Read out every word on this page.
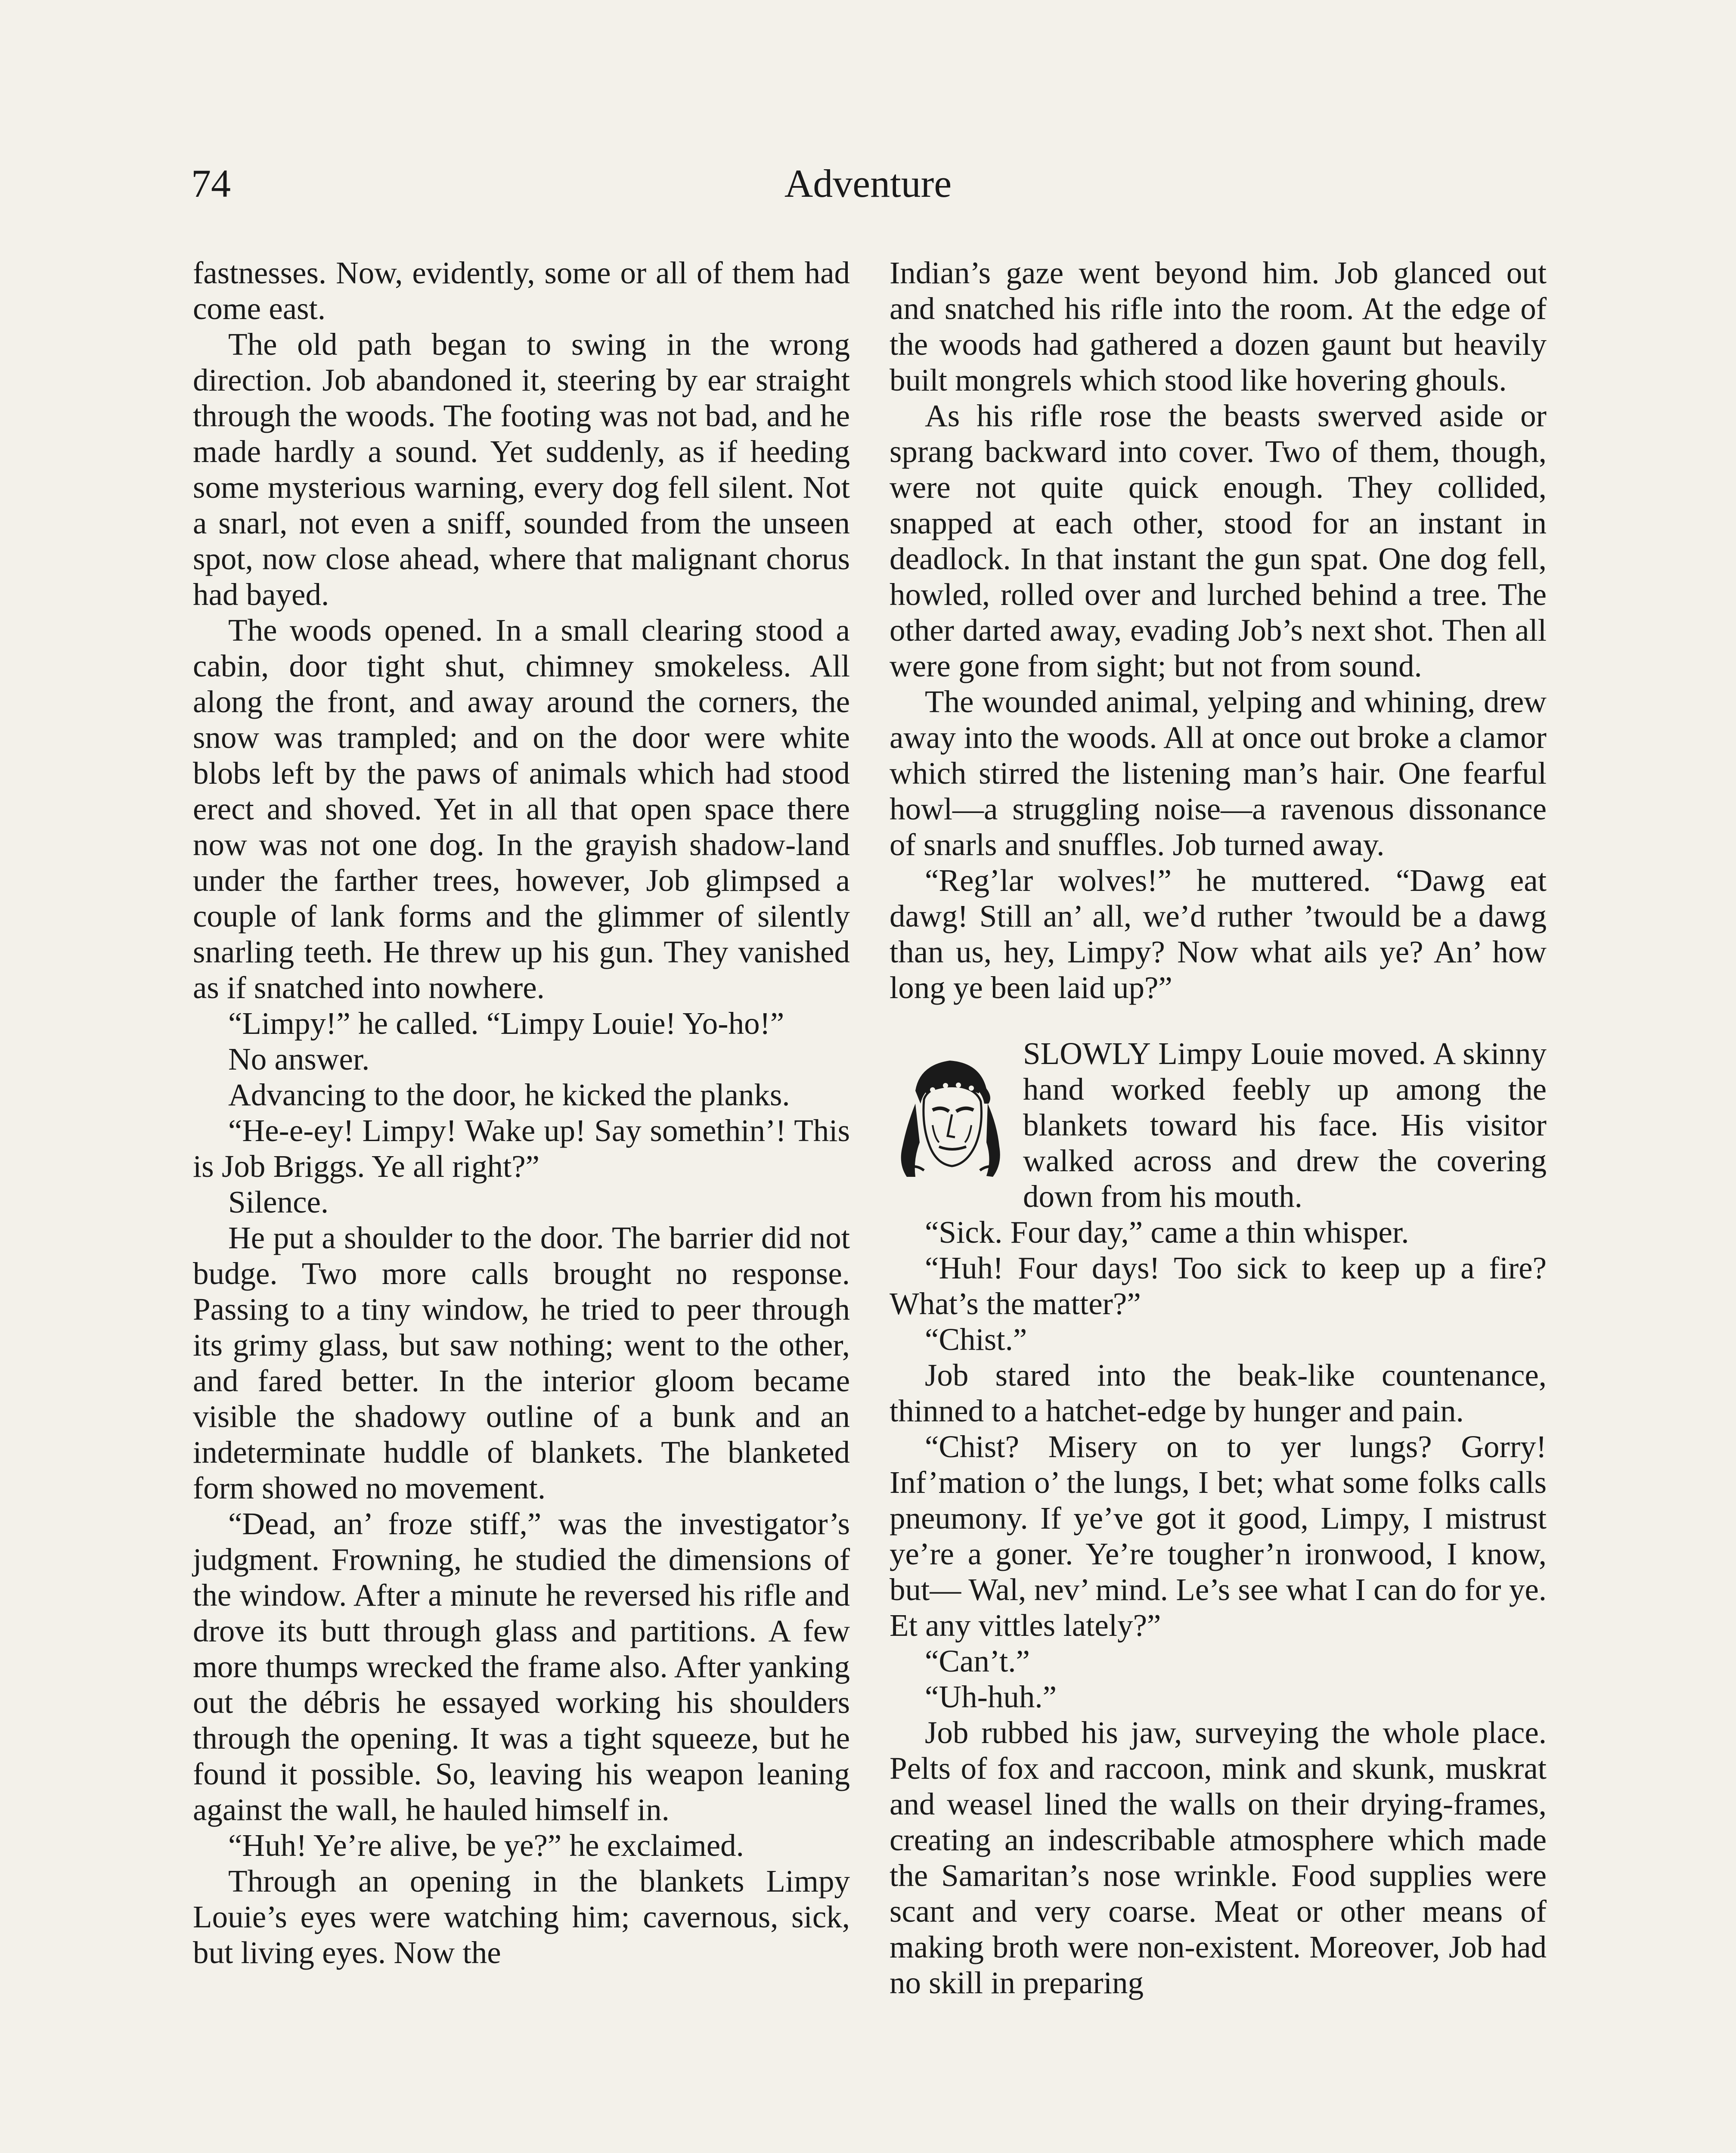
74	Adventure

fastnesses. Now, evidently, some or all of them had come east.

The old path began to swing in the wrong direction. Job abandoned it, steering by ear straight through the woods. The footing was not bad, and he made hardly a sound. Yet suddenly, as if heeding some mysterious warning, every dog fell silent. Not a snarl, not even a sniff, sounded from the unseen spot, now close ahead, where that malignant chorus had bayed.

The woods opened. In a small clearing stood a cabin, door tight shut, chimney smokeless. All along the front, and away around the corners, the snow was trampled; and on the door were white blobs left by the paws of animals which had stood erect and shoved. Yet in all that open space there now was not one dog. In the grayish shadow-land under the farther trees, however, Job glimpsed a couple of lank forms and the glimmer of silently snarling teeth. He threw up his gun. They vanished as if snatched into nowhere.

“Limpy!” he called. “Limpy Louie! Yo-ho!”

No answer.

Advancing to the door, he kicked the planks.

“He-e-ey! Limpy! Wake up! Say somethin’! This is Job Briggs. Ye all right?”

Silence.

He put a shoulder to the door. The barrier did not budge. Two more calls brought no response. Passing to a tiny window, he tried to peer through its grimy glass, but saw nothing; went to the other, and fared better. In the interior gloom became visible the shadowy outline of a bunk and an indeterminate huddle of blankets. The blanketed form showed no movement.

“Dead, an’ froze stiff,” was the investigator’s judgment. Frowning, he studied the dimensions of the window. After a minute he reversed his rifle and drove its butt through glass and partitions. A few more thumps wrecked the frame also. After yanking out the débris he essayed working his shoulders through the opening. It was a tight squeeze, but he found it possible. So, leaving his weapon leaning against the wall, he hauled himself in.

“Huh! Ye’re alive, be ye?” he exclaimed.

Through an opening in the blankets Limpy Louie’s eyes were watching him; cavernous, sick, but living eyes. Now the

Indian’s gaze went beyond him. Job glanced out and snatched his rifle into the room. At the edge of the woods had gathered a dozen gaunt but heavily built mongrels which stood like hovering ghouls.

As his rifle rose the beasts swerved aside or sprang backward into cover. Two of them, though, were not quite quick enough. They collided, snapped at each other, stood for an instant in deadlock. In that instant the gun spat. One dog fell, howled, rolled over and lurched behind a tree. The other darted away, evading Job’s next shot. Then all were gone from sight; but not from sound.

The wounded animal, yelping and whining, drew away into the woods. All at once out broke a clamor which stirred the listening man’s hair. One fearful howl—a struggling noise—a ravenous dissonance of snarls and snuffles. Job turned away.

“Reg’lar wolves!” he muttered. “Dawg eat dawg! Still an’ all, we’d ruther ’twould be a dawg than us, hey, Limpy? Now what ails ye? An’ how long ye been laid up?”

SLOWLY Limpy Louie moved. A skinny hand worked feebly up among the blankets toward his face. His visitor walked across and drew the covering down from his mouth.

“Sick. Four day,” came a thin whisper.

“Huh! Four days! Too sick to keep up a fire? What’s the matter?”

“Chist.”

Job stared into the beak-like countenance, thinned to a hatchet-edge by hunger and pain.

“Chist? Misery on to yer lungs? Gorry! Inf’mation o’ the lungs, I bet; what some folks calls pneumony. If ye’ve got it good, Limpy, I mistrust ye’re a goner. Ye’re tougher’n ironwood, I know, but— Wal, nev’ mind. Le’s see what I can do for ye. Et any vittles lately?”

“Can’t.”

“Uh-huh.”

Job rubbed his jaw, surveying the whole place. Pelts of fox and raccoon, mink and skunk, muskrat and weasel lined the walls on their drying-frames, creating an indescribable atmosphere which made the Samaritan’s nose wrinkle. Food supplies were scant and very coarse. Meat or other means of making broth were non-existent. Moreover, Job had no skill in preparing
